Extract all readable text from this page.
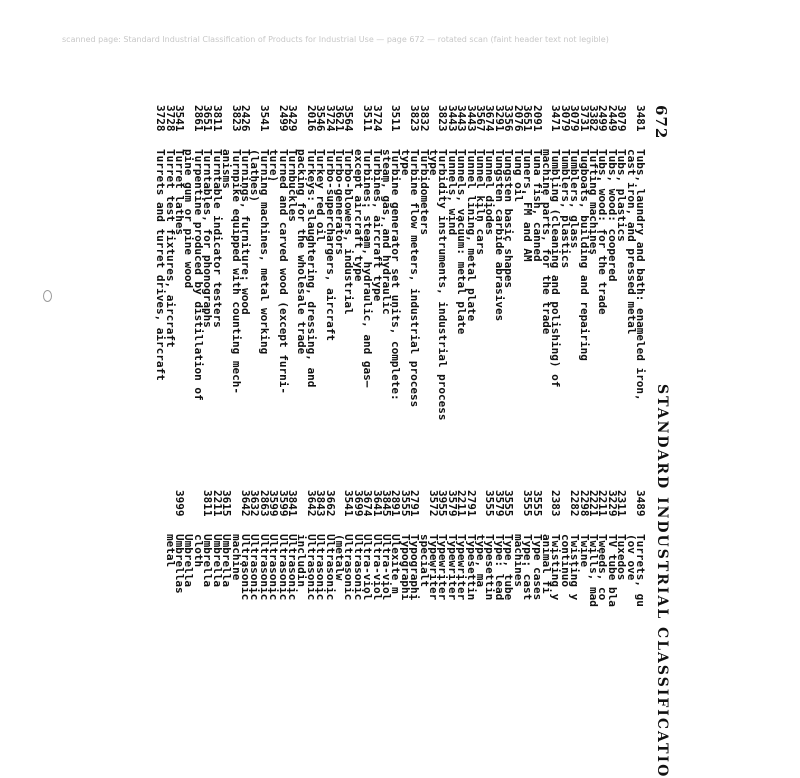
scanned page: Standard Industrial Classification of Products for Industrial Use — page 672 — rotated scan (faint header text not legible)
672
STANDARD INDUSTRIAL CLASSIFICATIO
3481
Tubs, laundry and bath: enameled iron,
cast iron, and pressed metal
3079
Tubs, plastics
2449
Tubs, wood: coopered
2499
Tubs, wood: for the trade
3382
Tufting machines
3731
Tugboats, building and repairing
3079
Tumblers, glass
3079
Tumblers, plastics
3471
Tumbling (cleaning and polishing) of
machine parts, for the trade
2091
Tuna fish, canned
3651
Tuners, FM and AM
2076
Tung oil
3356
Tungsten basic shapes
3291
Tungsten carbide abrasives
3674
Tunnel diodes
3567
Tunnel kiln cars
3443
Tunnel lining, metal plate
3443
Tunnels, vacuum: metal plate
3443
Tunnels, wind
3823
Turbidity instruments, industrial process
type
3832
Turbidometers
3823
Turbine flow meters, industrial process
type
3511
Turbine generator set units, complete:
steam, gas, and hydraulic
3724
Turbines, aircraft type
3511
Turbines: steam, hydraulic, and gas—
except aircraft type
3564
Turbo-blowers, industrial
3621
Turbo-generators
3724
Turbo-superchargers, aircraft
3546
Turkey red oil
2016
Turkeys: slaughtering, dressing, and
packing for the wholesale trade
3429
Turnbuckles
2499
Turned and carved wood (except furni-
ture)
3541
Turning machines, metal working
(lathes)
2426
Turnings, furniture: wood
3823
Turnpike equipped with counting mech-
anisms
3811
Turntable indicator testers
3651
Turntables, for phonographs
2861
Turpentine produced by distillation of
pine gum or pine wood
3541
Turret lathes
3728
Turret test fixtures, aircraft
3728
Turrets and turret drives, aircraft
3489
Turrets, gu
(ov ove
2311
Tuxedos
3229
TV tube bla
2211
Tweeds, co
2221
Twills, mad
2298
Twine
2282
Twisting y
continuo
2383
Twisting y
animal fi
3555
Type cases
3555
Type: cast
machines
3555
Type, tube
3579
Type: lead
3555
Typesettin
type, ma
2791
Typesettin
2211
Typewriter
3579
Typewriter
3955
Typewriter
3572
Typewriter
specialt
2791
Typographi
3555
Typographi
2891
Ulexite m
3845
Ultra-viol
3641
Ultra-viol
3674
Ultra-viol
3699
Ultrasonic
3541
Ultrasonic
(metalw
3662
Ultrasonic
3843
Ultrasonic
3642
Ultrasonic
includin
3841
Ultrasonic
3599
Ultrasonic
3599
Ultrasonic
2863
Ultrasonic
3632
Ultrasonic
3642
Ultrasonic
machine
3615
Umbrella
2211
Umbrella
3811
Umbrella
cloth
Umbrella
3999
Umbrellas
metal
